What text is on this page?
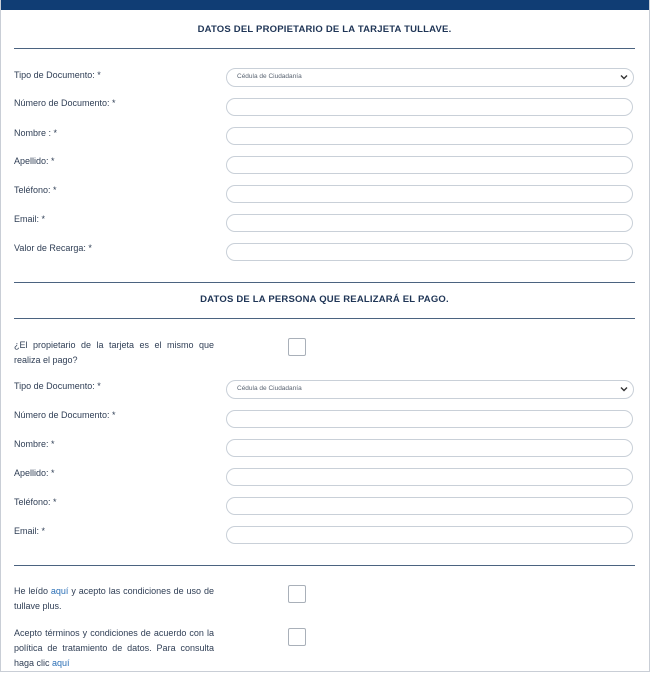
DATOS DEL PROPIETARIO DE LA TARJETA TULLAVE.
Tipo de Documento: *	Cédula de Ciudadanía
Número de Documento: *
Nombre : *
Apellido: *
Teléfono: *
Email: *
Valor de Recarga: *
DATOS DE LA PERSONA QUE REALIZARÁ EL PAGO.
¿El propietario de la tarjeta es el mismo que realiza el pago?
Tipo de Documento: *	Cédula de Ciudadanía
Número de Documento: *
Nombre: *
Apellido: *
Teléfono: *
Email: *
He leído aquí y acepto las condiciones de uso de tullave plus.
Acepto términos y condiciones de acuerdo con la política de tratamiento de datos. Para consulta haga clic aquí
